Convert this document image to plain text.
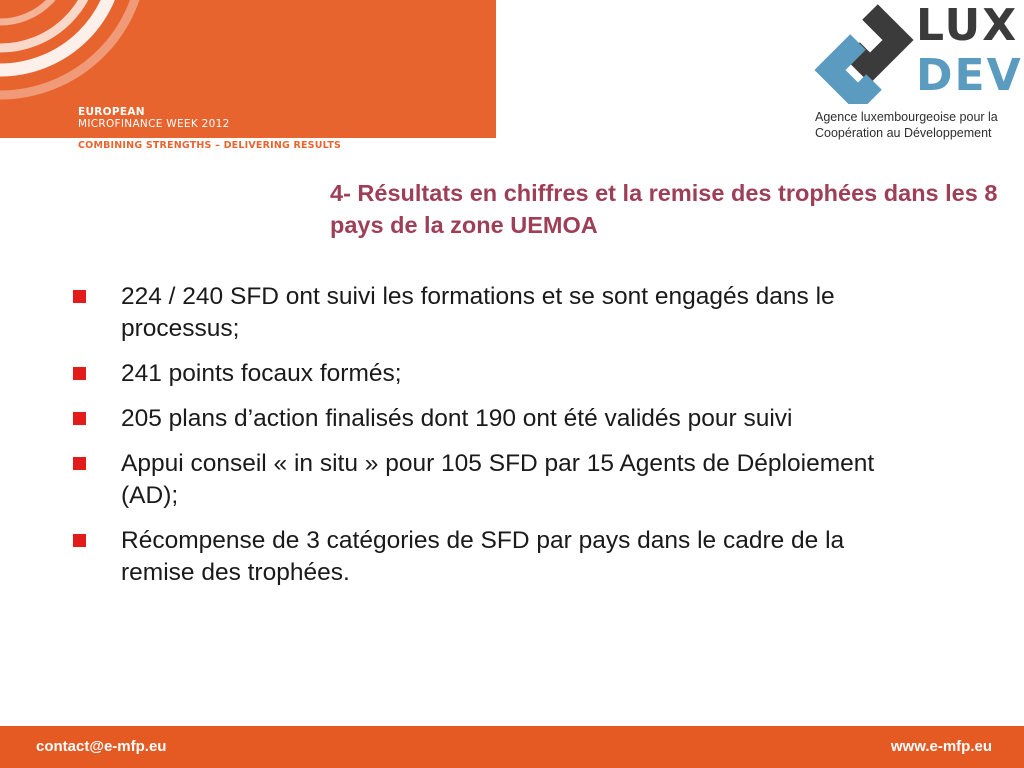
EUROPEAN
MICROFINANCE WEEK 2012
COMBINING STRENGTHS – DELIVERING RESULTS
LUX
DEV
Agence luxembourgeoise pour la
Coopération au Développement
4- Résultats en chiffres et la remise des trophées dans les 8 pays de la zone UEMOA
224 / 240 SFD ont suivi les formations et se sont engagés dans le processus;
241 points focaux formés;
205 plans d’action finalisés dont 190 ont été validés pour suivi
Appui conseil « in situ » pour 105 SFD par 15 Agents de Déploiement (AD);
Récompense de 3 catégories de SFD par pays dans le cadre de la remise des trophées.
contact@e-mfp.eu	www.e-mfp.eu
